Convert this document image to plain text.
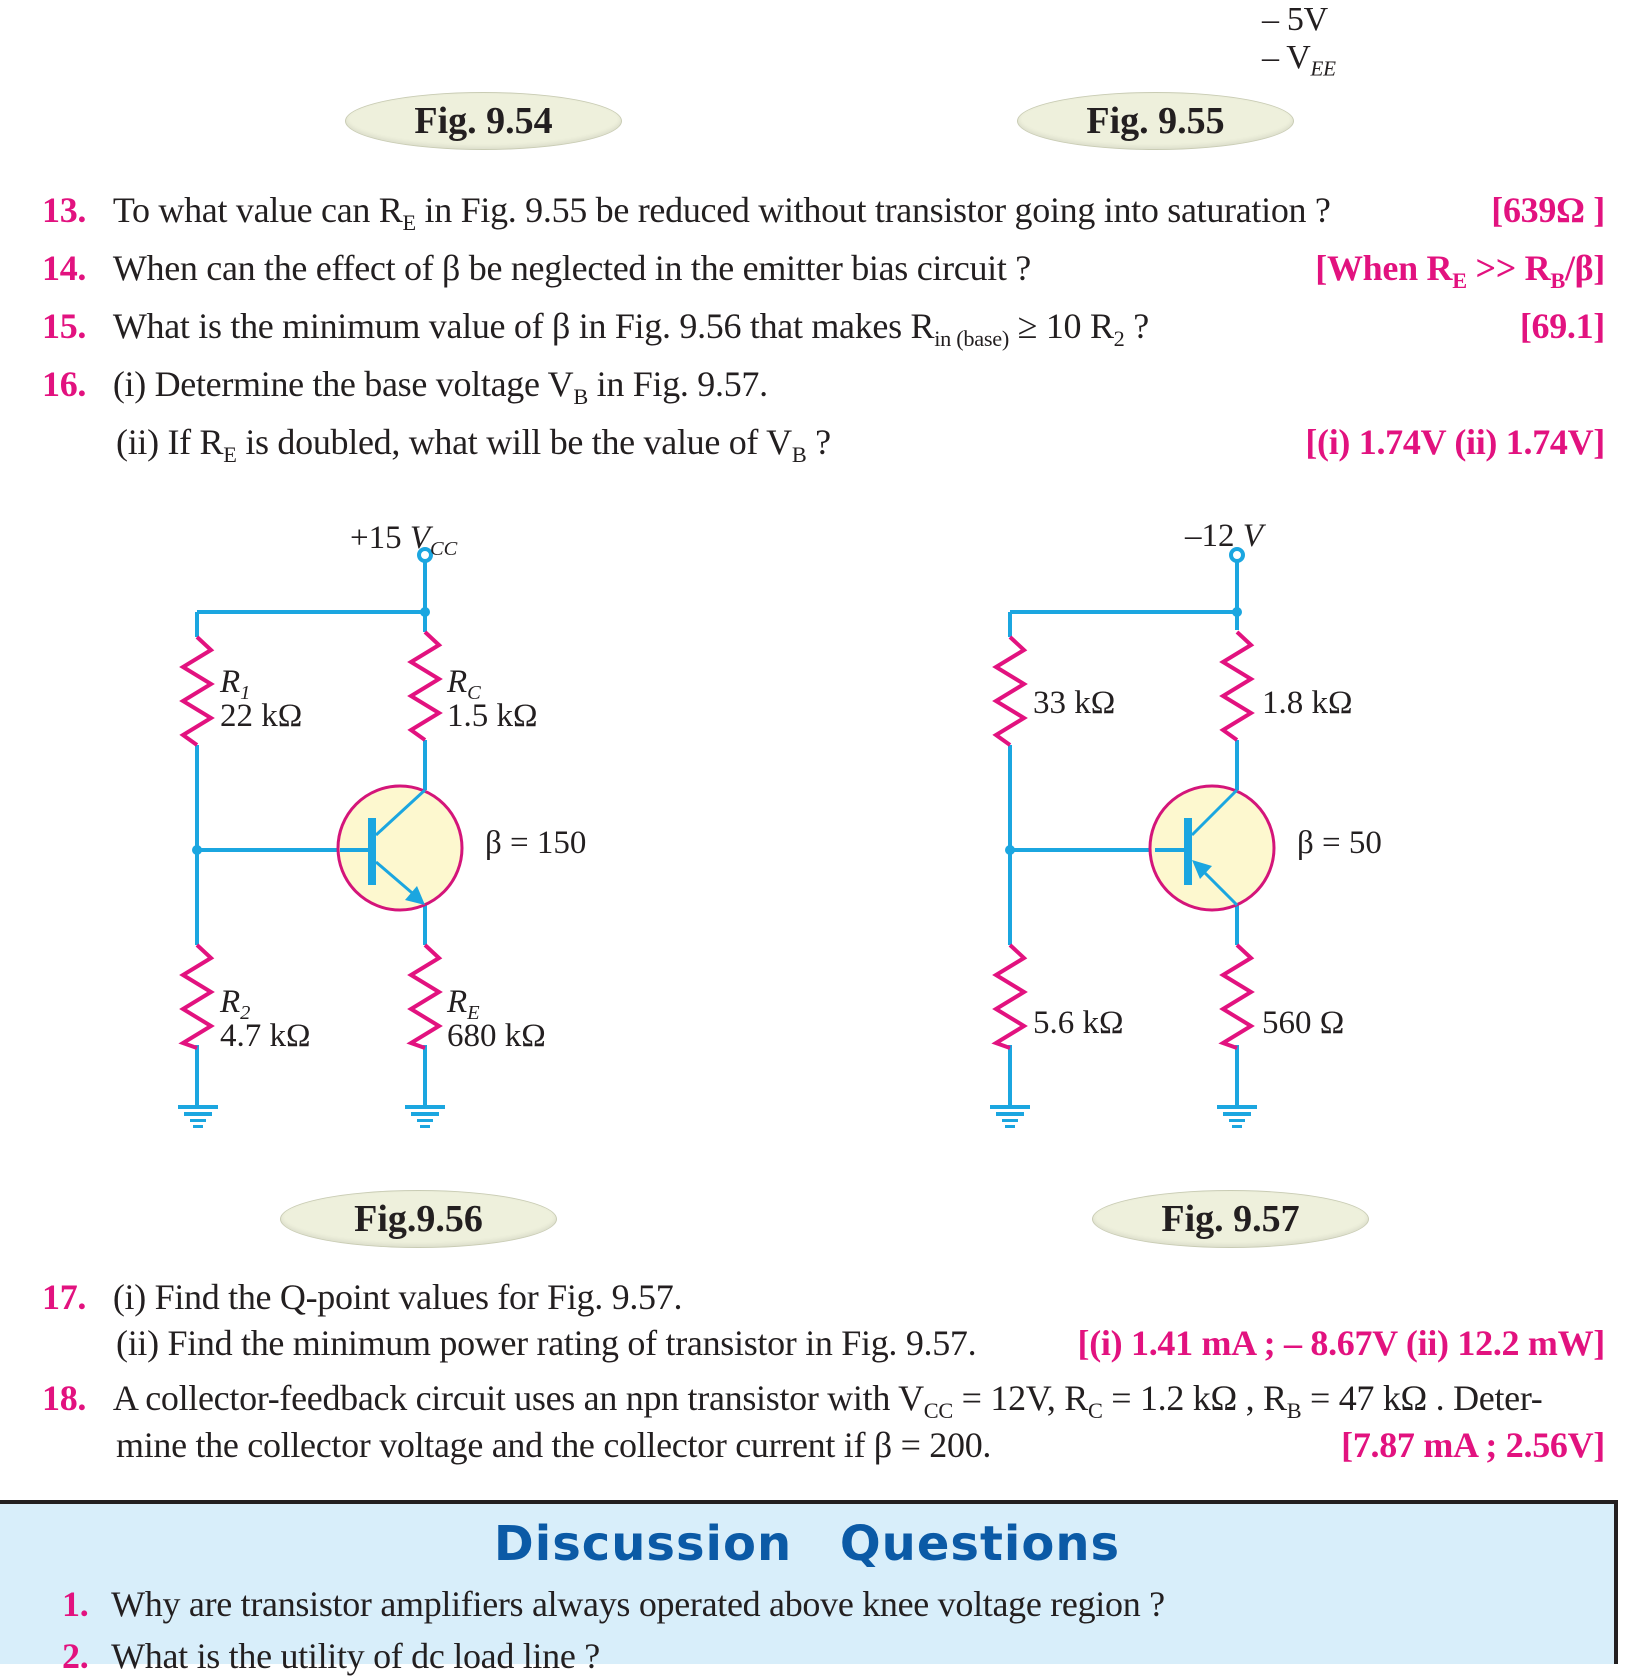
– 5V
– $V_{EE}$
Fig. 9.54	Fig. 9.55
13. To what value can $R_E$ in Fig. 9.55 be reduced without transistor going into saturation ?	[639Ω ]
14. When can the effect of β be neglected in the emitter bias circuit ?	[When $R_E >> R_B/\beta$]
15. What is the minimum value of β in Fig. 9.56 that makes $R_{in (base)} \ge 10$ $R_2$ ?	[69.1]
16. (i) Determine the base voltage $V_B$ in Fig. 9.57.
(ii) If $R_E$ is doubled, what will be the value of $V_B$ ?	[(i) 1.74V (ii) 1.74V]
+15 $V_{CC}$
$R_1$
22 kΩ
$R_C$
1.5 kΩ
β = 150
$R_2$
4.7 kΩ
$R_E$
680 kΩ
Fig.9.56
–12 V
33 kΩ	1.8 kΩ
β = 50
5.6 kΩ	560 Ω
Fig. 9.57
17. (i) Find the Q-point values for Fig. 9.57.
(ii) Find the minimum power rating of transistor in Fig. 9.57.	[(i) 1.41 mA ; – 8.67V (ii) 12.2 mW]
18. A collector-feedback circuit uses an npn transistor with $V_{CC} = 12V$, $R_C = 1.2$ kΩ , $R_B = 47$ kΩ . Deter-
mine the collector voltage and the collector current if β = 200.	[7.87 mA ; 2.56V]
Discussion Questions
1. Why are transistor amplifiers always operated above knee voltage region ?
2. What is the utility of dc load line ?
